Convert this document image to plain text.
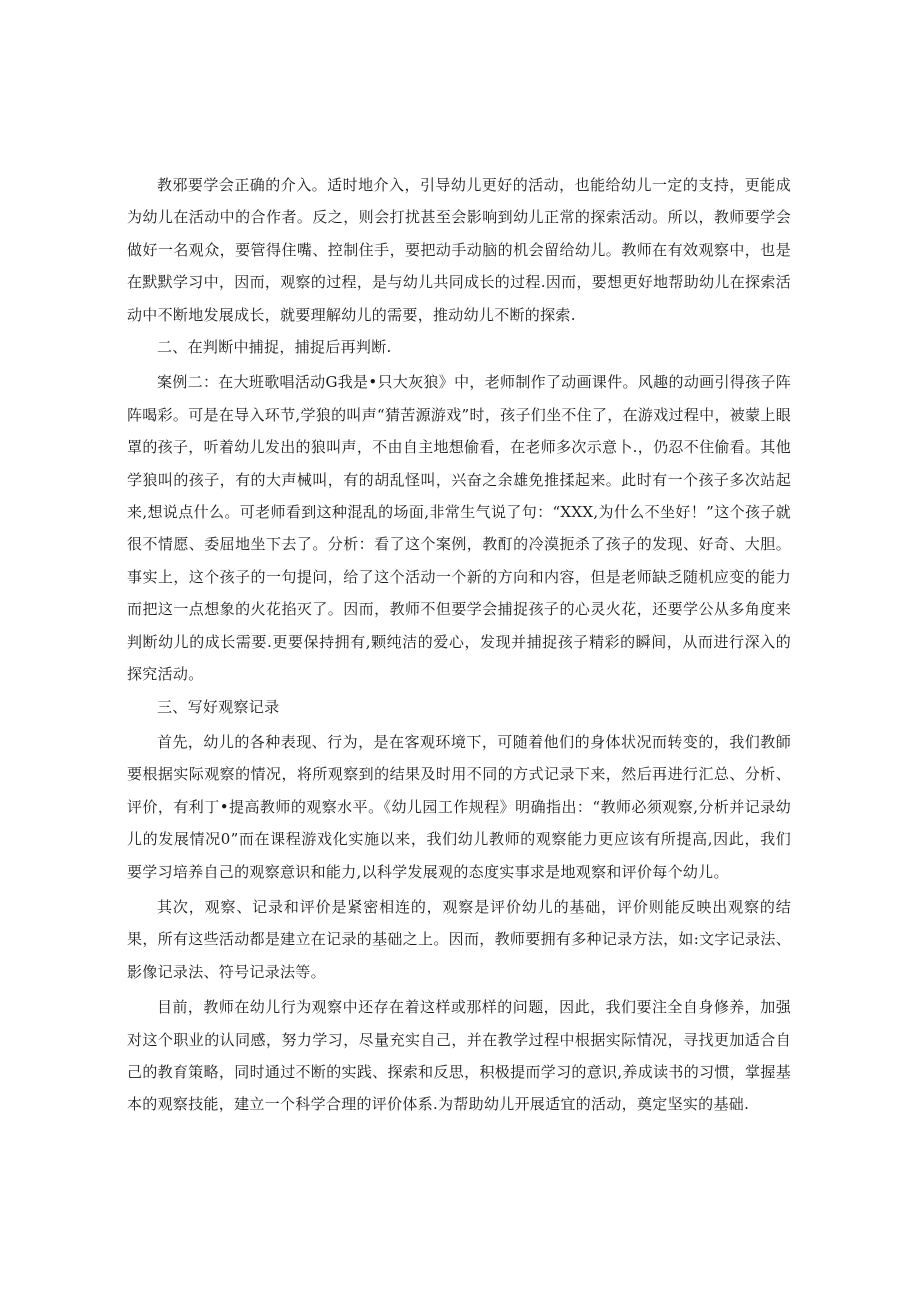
教邪要学会正确的介入。适时地介入，引导幼儿更好的活动，也能给幼儿一定的支持，更能成为幼儿在活动中的合作者。反之，则会打扰甚至会影响到幼儿正常的探索活动。所以，教师要学会做好一名观众，要管得住嘴、控制住手，要把动手动脑的机会留给幼儿。教师在有效观察中，也是在默默学习中，因而，观察的过程，是与幼儿共同成长的过程.因而，要想更好地帮助幼儿在探索活动中不断地发展成长，就要理解幼儿的需要，推动幼儿不断的探索.

二、在判断中捕捉，捕捉后再判断.

案例二：在大班歌唱活动G我是•只大灰狼》中，老师制作了动画课件。风趣的动画引得孩子阵阵喝彩。可是在导入环节,学狼的叫声“猜苦源游戏”时，孩子们坐不住了，在游戏过程中，被蒙上眼罩的孩子，听着幼儿发出的狼叫声，不由自主地想偷看，在老师多次示意卜.，仍忍不住偷看。其他学狼叫的孩子，有的大声械叫，有的胡乱怪叫，兴奋之余雄免推揉起来。此时有一个孩子多次站起来,想说点什么。可老师看到这种混乱的场面,非常生气说了句：“XXX,为什么不坐好！”这个孩子就很不情愿、委屈地坐下去了。分析：看了这个案例，教酊的冷漠扼杀了孩子的发现、好奇、大胆。事实上，这个孩子的一句提问，给了这个活动一个新的方向和内容，但是老师缺乏随机应变的能力而把这一点想象的火花掐灭了。因而，教师不但要学会捕捉孩子的心灵火花，还要学公从多角度来判断幼儿的成长需要.更要保持拥有,颗纯洁的爱心，发现并捕捉孩子精彩的瞬间，从而进行深入的探究活动。

三、写好观察记录

首先，幼儿的各种表现、行为，是在客观环境下，可随着他们的身体状况而转变的，我们教師要根据实际观察的情况，将所观察到的结果及时用不同的方式记录下来，然后再进行汇总、分析、评价，有利丁•提高教师的观察水平。《幼儿园工作规程》明确指出：“教师必须观察,分析并记录幼儿的发展情况0”而在课程游戏化实施以来，我们幼儿教师的观察能力更应该有所提高,因此，我们要学习培养自己的观察意识和能力,以科学发展观的态度实事求是地观察和评价每个幼儿。

其次，观察、记录和评价是紧密相连的，观察是评价幼儿的基础，评价则能反映出观察的结果，所有这些活动都是建立在记录的基础之上。因而，教师要拥有多种记录方法，如:文字记录法、影像记录法、符号记录法等。

目前，教师在幼儿行为观察中还存在着这样或那样的问题，因此，我们要注全自身修养，加强对这个职业的认同感，努力学习，尽量充实自己，并在教学过程中根据实际情况，寻找更加适合自己的教育策略，同时通过不断的实践、探索和反思，积极提而学习的意识,养成读书的习惯，掌握基本的观察技能，建立一个科学合理的评价体系.为帮助幼儿开展适宜的活动，奠定坚实的基础.
